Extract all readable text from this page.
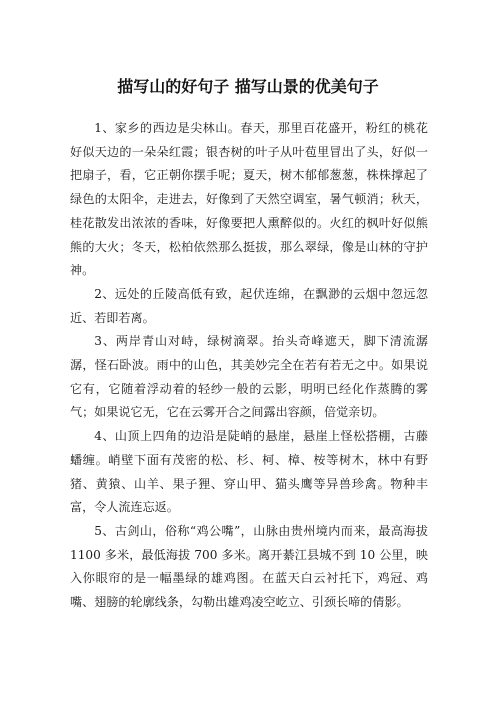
描写山的好句子 描写山景的优美句子

1、家乡的西边是尖林山。春天，那里百花盛开，粉红的桃花好似天边的一朵朵红霞；银杏树的叶子从叶苞里冒出了头，好似一把扇子，看，它正朝你摆手呢；夏天，树木郁郁葱葱，株株撑起了绿色的太阳伞，走进去，好像到了天然空调室，暑气顿消；秋天，桂花散发出浓浓的香味，好像要把人熏醉似的。火红的枫叶好似熊熊的大火；冬天，松柏依然那么挺拔，那么翠绿，像是山林的守护神。

2、远处的丘陵高低有致，起伏连绵，在飘渺的云烟中忽远忽近、若即若离。

3、两岸青山对峙，绿树滴翠。抬头奇峰遮天，脚下清流潺潺，怪石卧波。雨中的山色，其美妙完全在若有若无之中。如果说它有，它随着浮动着的轻纱一般的云影，明明已经化作蒸腾的雾气；如果说它无，它在云雾开合之间露出容颜，倍觉亲切。

4、山顶上四角的边沿是陡峭的悬崖，悬崖上怪松搭棚，古藤蟠缠。峭壁下面有茂密的松、杉、柯、樟、桉等树木，林中有野猪、黄猿、山羊、果子狸、穿山甲、猫头鹰等异兽珍禽。物种丰富，令人流连忘返。

5、古剑山，俗称“鸡公嘴”，山脉由贵州境内而来，最高海拔 1100 多米，最低海拔 700 多米。离开綦江县城不到 10 公里，映入你眼帘的是一幅墨绿的雄鸡图。在蓝天白云衬托下，鸡冠、鸡嘴、翅膀的轮廓线条，勾勒出雄鸡凌空屹立、引颈长啼的倩影。
